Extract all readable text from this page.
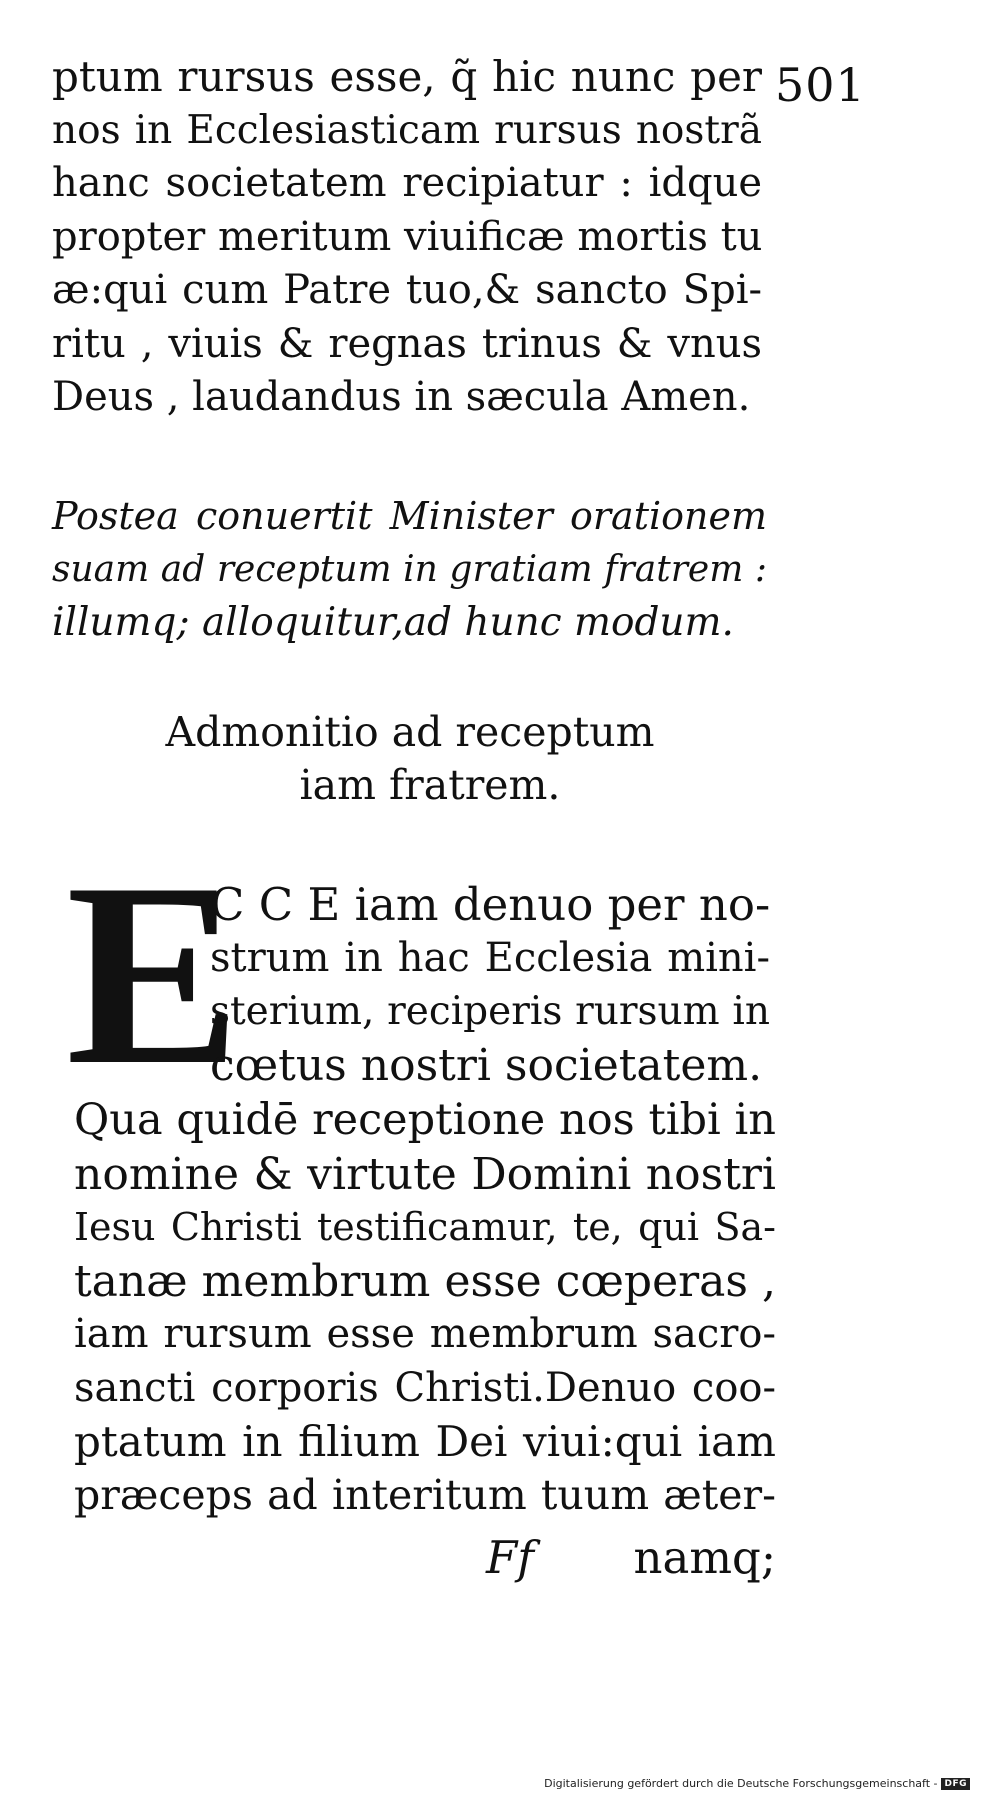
501
ptum rursus esse, q̃ hic nunc per
nos in Ecclesiasticam rursus nostrã
hanc societatem recipiatur : idque
propter meritum viuificæ mortis tu
æ:qui cum Patre tuo,& sancto Spi-
ritu , viuis & regnas trinus & vnus
Deus , laudandus in sæcula Amen.
Postea conuertit Minister orationem
suam ad receptum in gratiam fratrem :
illumq; alloquitur,ad hunc modum.
Admonitio ad receptum
iam fratrem.
E
C C E iam denuo per no-
strum in hac Ecclesia mini-
sterium, reciperis rursum in
cœtus nostri societatem.
Qua quidē receptione nos tibi in
nomine & virtute Domini nostri
Iesu Christi testificamur, te, qui Sa-
tanæ membrum esse cœperas ,
iam rursum esse membrum sacro-
sancti corporis Christi.Denuo coo-
ptatum in filium Dei viui:qui iam
præceps ad interitum tuum æter-
Ff namq;
Digitalisierung gefördert durch die Deutsche Forschungsgemeinschaft - DFG
